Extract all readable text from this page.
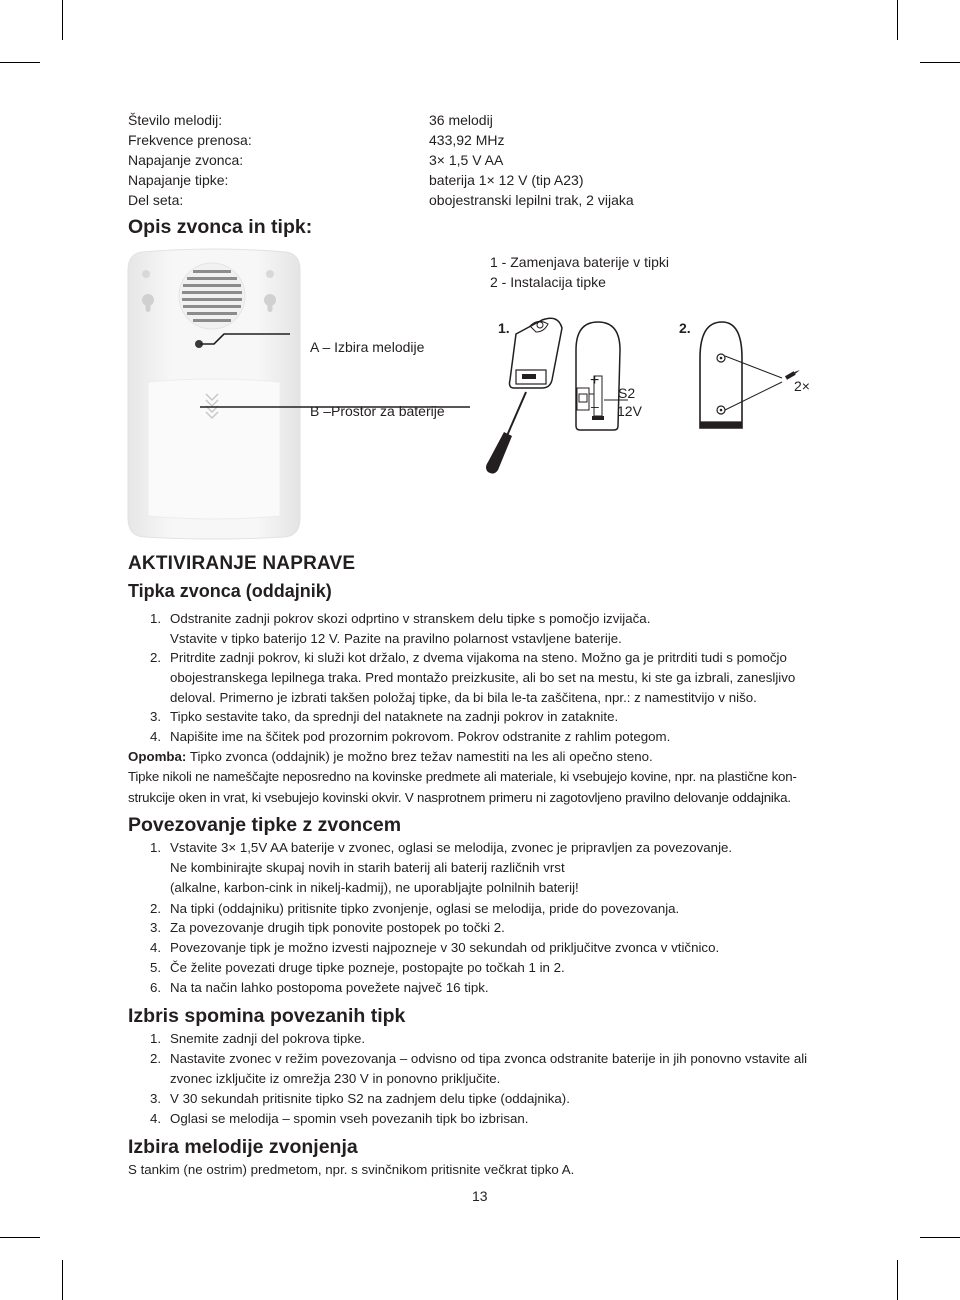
Število melodij:	36 melodij
Frekvence prenosa:	433,92 MHz
Napajanje zvonca:	3× 1,5 V AA
Napajanje tipke:	baterija 1× 12 V (tip A23)
Del seta:	obojestranski lepilni trak, 2 vijaka
Opis zvonca in tipk:
A – Izbira melodije
B –Prostor za baterije
1 - Zamenjava baterije v tipki
2 - Instalacija tipke
1.	2.
+
–
S2
12V
2×
AKTIVIRANJE NAPRAVE
Tipka zvonca (oddajnik)
1. Odstranite zadnji pokrov skozi odprtino v stranskem delu tipke s pomočjo izvijača.
Vstavite v tipko baterijo 12 V. Pazite na pravilno polarnost vstavljene baterije.
2. Pritrdite zadnji pokrov, ki služi kot držalo, z dvema vijakoma na steno. Možno ga je pritrditi tudi s pomočjo
obojestranskega lepilnega traka. Pred montažo preizkusite, ali bo set na mestu, ki ste ga izbrali, zanesljivo
deloval. Primerno je izbrati takšen položaj tipke, da bi bila le-ta zaščitena, npr.: z namestitvijo v nišo.
3. Tipko sestavite tako, da sprednji del nataknete na zadnji pokrov in zataknite.
4. Napišite ime na ščitek pod prozornim pokrovom. Pokrov odstranite z rahlim potegom.
Opomba: Tipko zvonca (oddajnik) je možno brez težav namestiti na les ali opečno steno.
Tipke nikoli ne nameščajte neposredno na kovinske predmete ali materiale, ki vsebujejo kovine, npr. na plastične kon-
strukcije oken in vrat, ki vsebujejo kovinski okvir. V nasprotnem primeru ni zagotovljeno pravilno delovanje oddajnika.
Povezovanje tipke z zvoncem
1. Vstavite 3× 1,5V AA baterije v zvonec, oglasi se melodija, zvonec je pripravljen za povezovanje.
Ne kombinirajte skupaj novih in starih baterij ali baterij različnih vrst
(alkalne, karbon-cink in nikelj-kadmij), ne uporabljajte polnilnih baterij!
2. Na tipki (oddajniku) pritisnite tipko zvonjenje, oglasi se melodija, pride do povezovanja.
3. Za povezovanje drugih tipk ponovite postopek po točki 2.
4. Povezovanje tipk je možno izvesti najpozneje v 30 sekundah od priključitve zvonca v vtičnico.
5. Če želite povezati druge tipke pozneje, postopajte po točkah 1 in 2.
6. Na ta način lahko postopoma povežete največ 16 tipk.
Izbris spomina povezanih tipk
1. Snemite zadnji del pokrova tipke.
2. Nastavite zvonec v režim povezovanja – odvisno od tipa zvonca odstranite baterije in jih ponovno vstavite ali
zvonec izključite iz omrežja 230 V in ponovno priključite.
3. V 30 sekundah pritisnite tipko S2 na zadnjem delu tipke (oddajnika).
4. Oglasi se melodija – spomin vseh povezanih tipk bo izbrisan.
Izbira melodije zvonjenja
S tankim (ne ostrim) predmetom, npr. s svinčnikom pritisnite večkrat tipko A.
13
